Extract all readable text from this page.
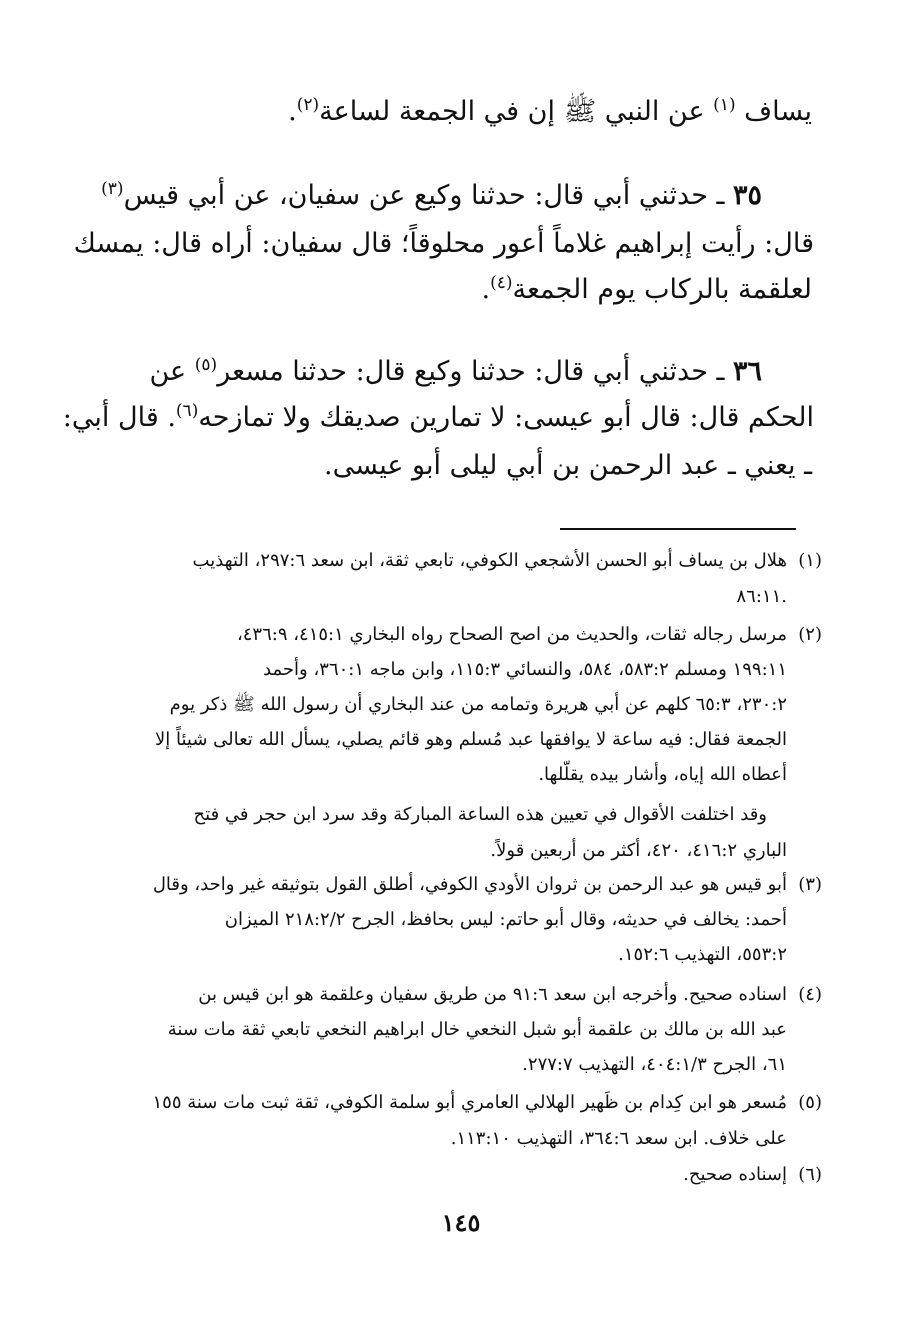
يساف $^{(١)}$ عن النبي ﷺ إن في الجمعة لساعة$^{(٢)}$.
٣٥ ـ حدثني أبي قال: حدثنا وكيع عن سفيان، عن أبي قيس$^{(٣)}$
قال: رأيت إبراهيم غلاماً أعور محلوقاً؛ قال سفيان: أراه قال: يمسك
لعلقمة بالركاب يوم الجمعة$^{(٤)}$.
٣٦ ـ حدثني أبي قال: حدثنا وكيع قال: حدثنا مسعر$^{(٥)}$ عن
الحكم قال: قال أبو عيسى: لا تمارين صديقك ولا تمازحه$^{(٦)}$. قال أبي:
ـ يعني ـ عبد الرحمن بن أبي ليلى أبو عيسى.
(١)
هلال بن يساف أبو الحسن الأشجعي الكوفي، تابعي ثقة، ابن سعد ٢٩٧:٦، التهذيب
.٨٦:١١
(٢)
مرسل رجاله ثقات، والحديث من اصح الصحاح رواه البخاري ٤١٥:١، ٤٣٦:٩،
١٩٩:١١ ومسلم ٥٨٣:٢، ٥٨٤، والنسائي ١١٥:٣، وابن ماجه ٣٦٠:١، وأحمد
٢٣٠:٢، ٦٥:٣ كلهم عن أبي هريرة وتمامه من عند البخاري أن رسول الله ﷺ ذكر يوم
الجمعة فقال: فيه ساعة لا يوافقها عبد مُسلم وهو قائم يصلي، يسأل الله تعالى شيئاً إلا
أعطاه الله إياه، وأشار بيده يقلّلها.
وقد اختلفت الأقوال في تعيين هذه الساعة المباركة وقد سرد ابن حجر في فتح
الباري ٤١٦:٢، ٤٢٠، أكثر من أربعين قولاً.
(٣)
أبو قيس هو عبد الرحمن بن ثروان الأودي الكوفي، أطلق القول بتوثيقه غير واحد، وقال
أحمد: يخالف في حديثه، وقال أبو حاتم: ليس بحافظ، الجرح ٢١٨:٢/٢ الميزان
٥٥٣:٢، التهذيب ١٥٢:٦.
(٤)
اسناده صحيح. وأخرجه ابن سعد ٩١:٦ من طريق سفيان وعلقمة هو ابن قيس بن
عبد الله بن مالك بن علقمة أبو شبل النخعي خال ابراهيم النخعي تابعي ثقة مات سنة
٦١، الجرح ٤٠٤:١/٣، التهذيب ٢٧٧:٧.
(٥)
مُسعر هو ابن كِدام بن ظَهير الهلالي العامري أبو سلمة الكوفي، ثقة ثبت مات سنة ١٥٥
على خلاف. ابن سعد ٣٦٤:٦، التهذيب ١١٣:١٠.
(٦)
إسناده صحيح.
١٤٥
